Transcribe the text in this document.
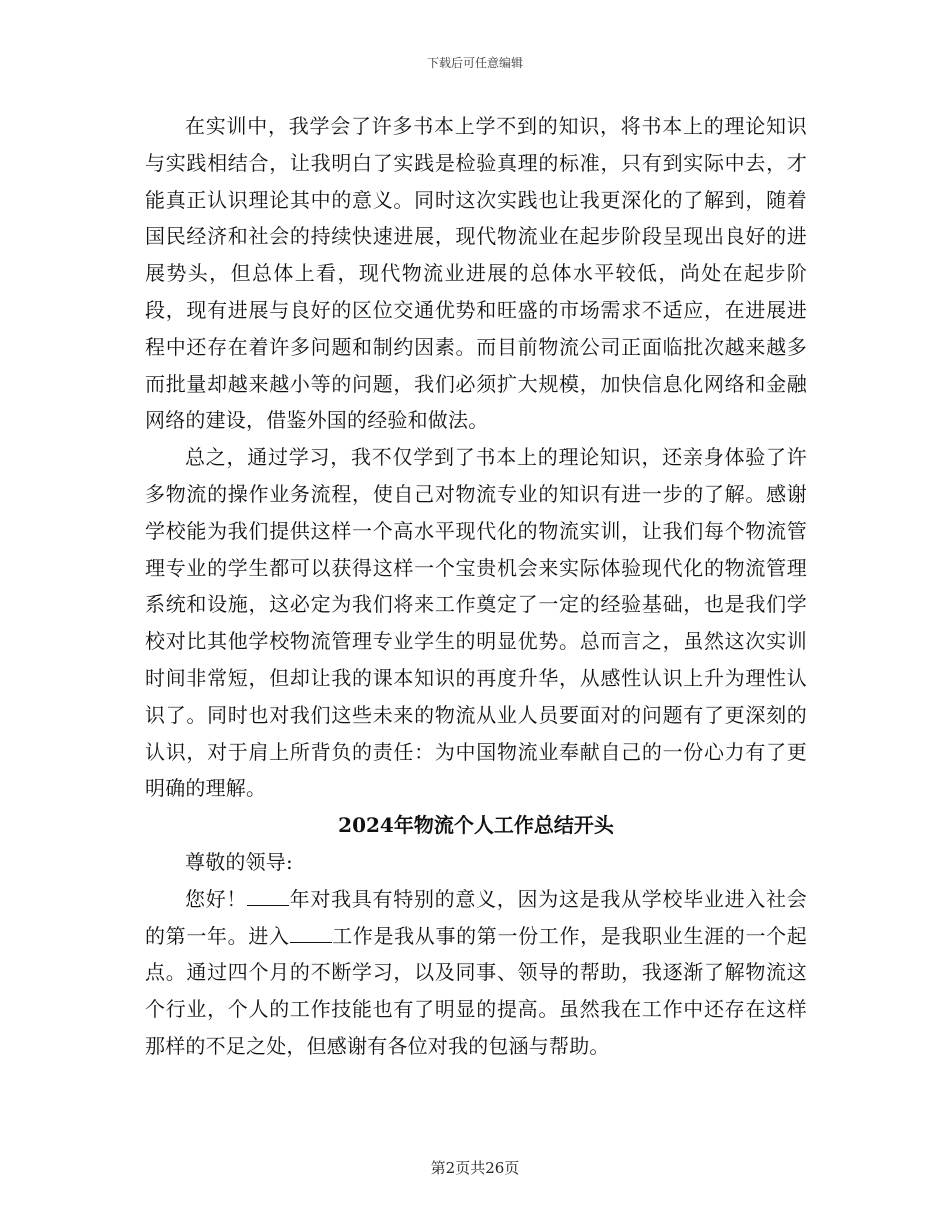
下载后可任意编辑

在实训中，我学会了许多书本上学不到的知识，将书本上的理论知识与实践相结合，让我明白了实践是检验真理的标准，只有到实际中去，才能真正认识理论其中的意义。同时这次实践也让我更深化的了解到，随着国民经济和社会的持续快速进展，现代物流业在起步阶段呈现出良好的进展势头，但总体上看，现代物流业进展的总体水平较低，尚处在起步阶段，现有进展与良好的区位交通优势和旺盛的市场需求不适应，在进展进程中还存在着许多问题和制约因素。而目前物流公司正面临批次越来越多而批量却越来越小等的问题，我们必须扩大规模，加快信息化网络和金融网络的建设，借鉴外国的经验和做法。

总之，通过学习，我不仅学到了书本上的理论知识，还亲身体验了许多物流的操作业务流程，使自己对物流专业的知识有进一步的了解。感谢学校能为我们提供这样一个高水平现代化的物流实训，让我们每个物流管理专业的学生都可以获得这样一个宝贵机会来实际体验现代化的物流管理系统和设施，这必定为我们将来工作奠定了一定的经验基础，也是我们学校对比其他学校物流管理专业学生的明显优势。总而言之，虽然这次实训时间非常短，但却让我的课本知识的再度升华，从感性认识上升为理性认识了。同时也对我们这些未来的物流从业人员要面对的问题有了更深刻的认识，对于肩上所背负的责任：为中国物流业奉献自己的一份心力有了更明确的理解。

2024年物流个人工作总结开头

尊敬的领导:

您好！ 年对我具有特别的意义，因为这是我从学校毕业进入社会的第一年。进入 工作是我从事的第一份工作，是我职业生涯的一个起点。通过四个月的不断学习，以及同事、领导的帮助，我逐渐了解物流这个行业，个人的工作技能也有了明显的提高。虽然我在工作中还存在这样那样的不足之处，但感谢有各位对我的包涵与帮助。

第2页共26页
